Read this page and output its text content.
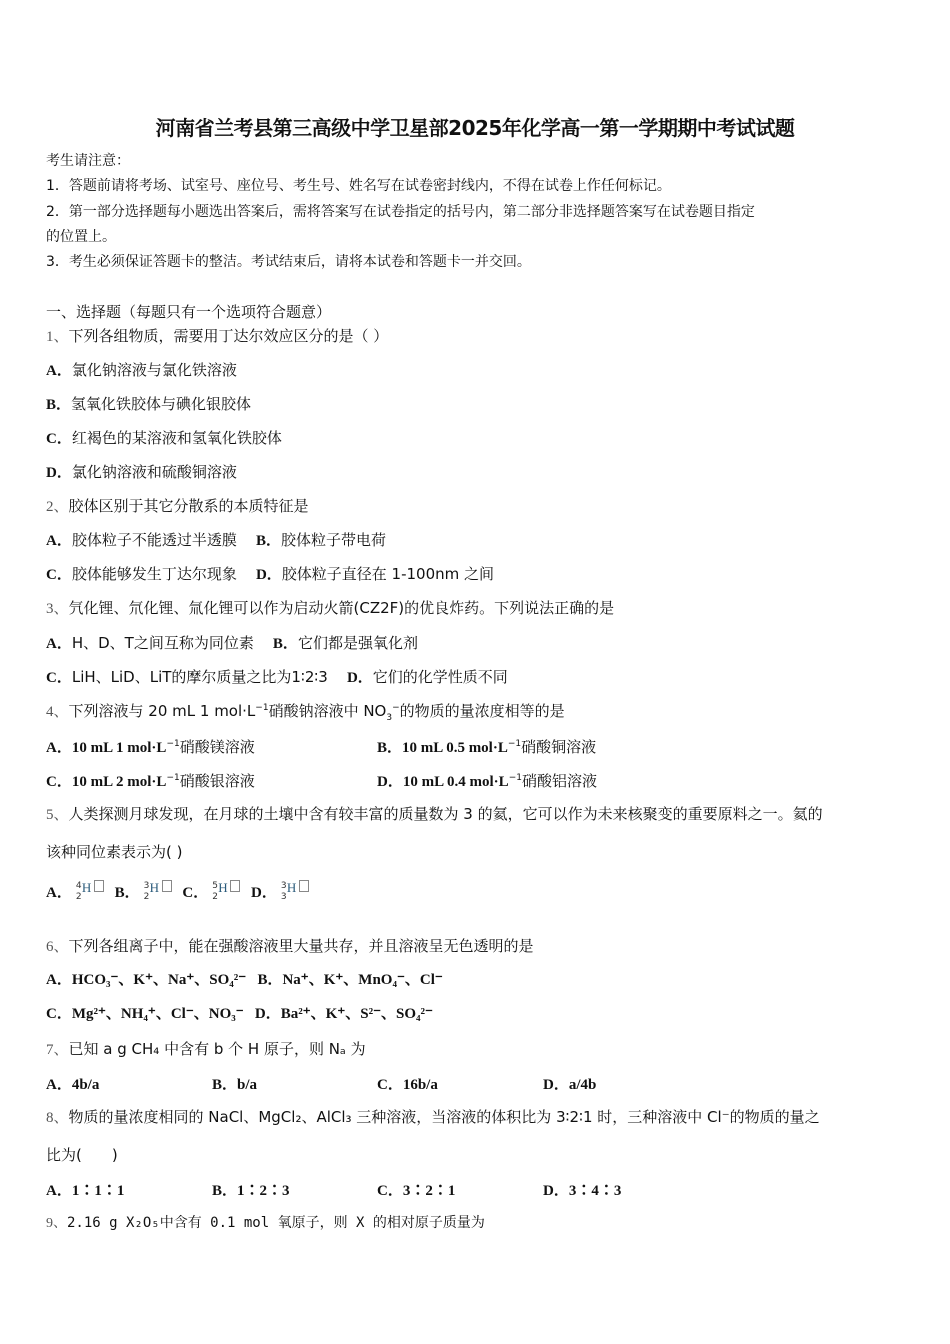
河南省兰考县第三高级中学卫星部2025年化学高一第一学期期中考试试题
考生请注意：
1．答题前请将考场、试室号、座位号、考生号、姓名写在试卷密封线内，不得在试卷上作任何标记。
2．第一部分选择题每小题选出答案后，需将答案写在试卷指定的括号内，第二部分非选择题答案写在试卷题目指定
的位置上。
3．考生必须保证答题卡的整洁。考试结束后，请将本试卷和答题卡一并交回。
一、选择题（每题只有一个选项符合题意）
1、下列各组物质，需要用丁达尔效应区分的是（ ）
A．氯化钠溶液与氯化铁溶液
B．氢氧化铁胶体与碘化银胶体
C．红褐色的某溶液和氢氧化铁胶体
D．氯化钠溶液和硫酸铜溶液
2、胶体区别于其它分散系的本质特征是
A．胶体粒子不能透过半透膜 B．胶体粒子带电荷
C．胶体能够发生丁达尔现象 D．胶体粒子直径在 1-100nm 之间
3、氕化锂、氘化锂、氚化锂可以作为启动火箭(CZ2F)的优良炸药。下列说法正确的是
A．H、D、T之间互称为同位素 B．它们都是强氧化剂
C．LiH、LiD、LiT的摩尔质量之比为1∶2∶3 D．它们的化学性质不同
4、下列溶液与 20 mL 1 $mol\cdot L^{-1}$硝酸钠溶液中 $NO_3^-$的物质的量浓度相等的是
A．10 mL 1 $mol\cdot L^{-1}$硝酸镁溶液	B．10 mL 0.5 $mol\cdot L^{-1}$硝酸铜溶液
C．10 mL 2 $mol\cdot L^{-1}$硝酸银溶液	D．10 mL 0.4 $mol\cdot L^{-1}$硝酸铝溶液
5、人类探测月球发现，在月球的土壤中含有较丰富的质量数为 3 的氦，它可以作为未来核聚变的重要原料之一。氦的
该种同位素表示为( )
A． 4
2
H B． 3
2
H C． 5
2
H D． 3
3
H
6、下列各组离子中，能在强酸溶液里大量共存，并且溶液呈无色透明的是
A．HCO₃⁻、K⁺、Na⁺、SO₄²⁻ B．Na⁺、K⁺、MnO₄⁻、Cl⁻
C．Mg²⁺、NH₄⁺、Cl⁻、NO₃⁻ D．Ba²⁺、K⁺、S²⁻、SO₄²⁻
7、已知 a g CH₄ 中含有 b 个 H 原子，则 Nₐ 为
A．4b/a	B．b/a	C．16b/a	D．a/4b
8、物质的量浓度相同的 NaCl、MgCl₂、AlCl₃ 三种溶液，当溶液的体积比为 3∶2∶1 时，三种溶液中 Cl⁻的物质的量之
比为(　　)
A．1∶1∶1	B．1∶2∶3	C．3∶2∶1	D．3∶4∶3
9、2.16 g X₂O₅中含有 0.1 mol 氧原子，则 X 的相对原子质量为
